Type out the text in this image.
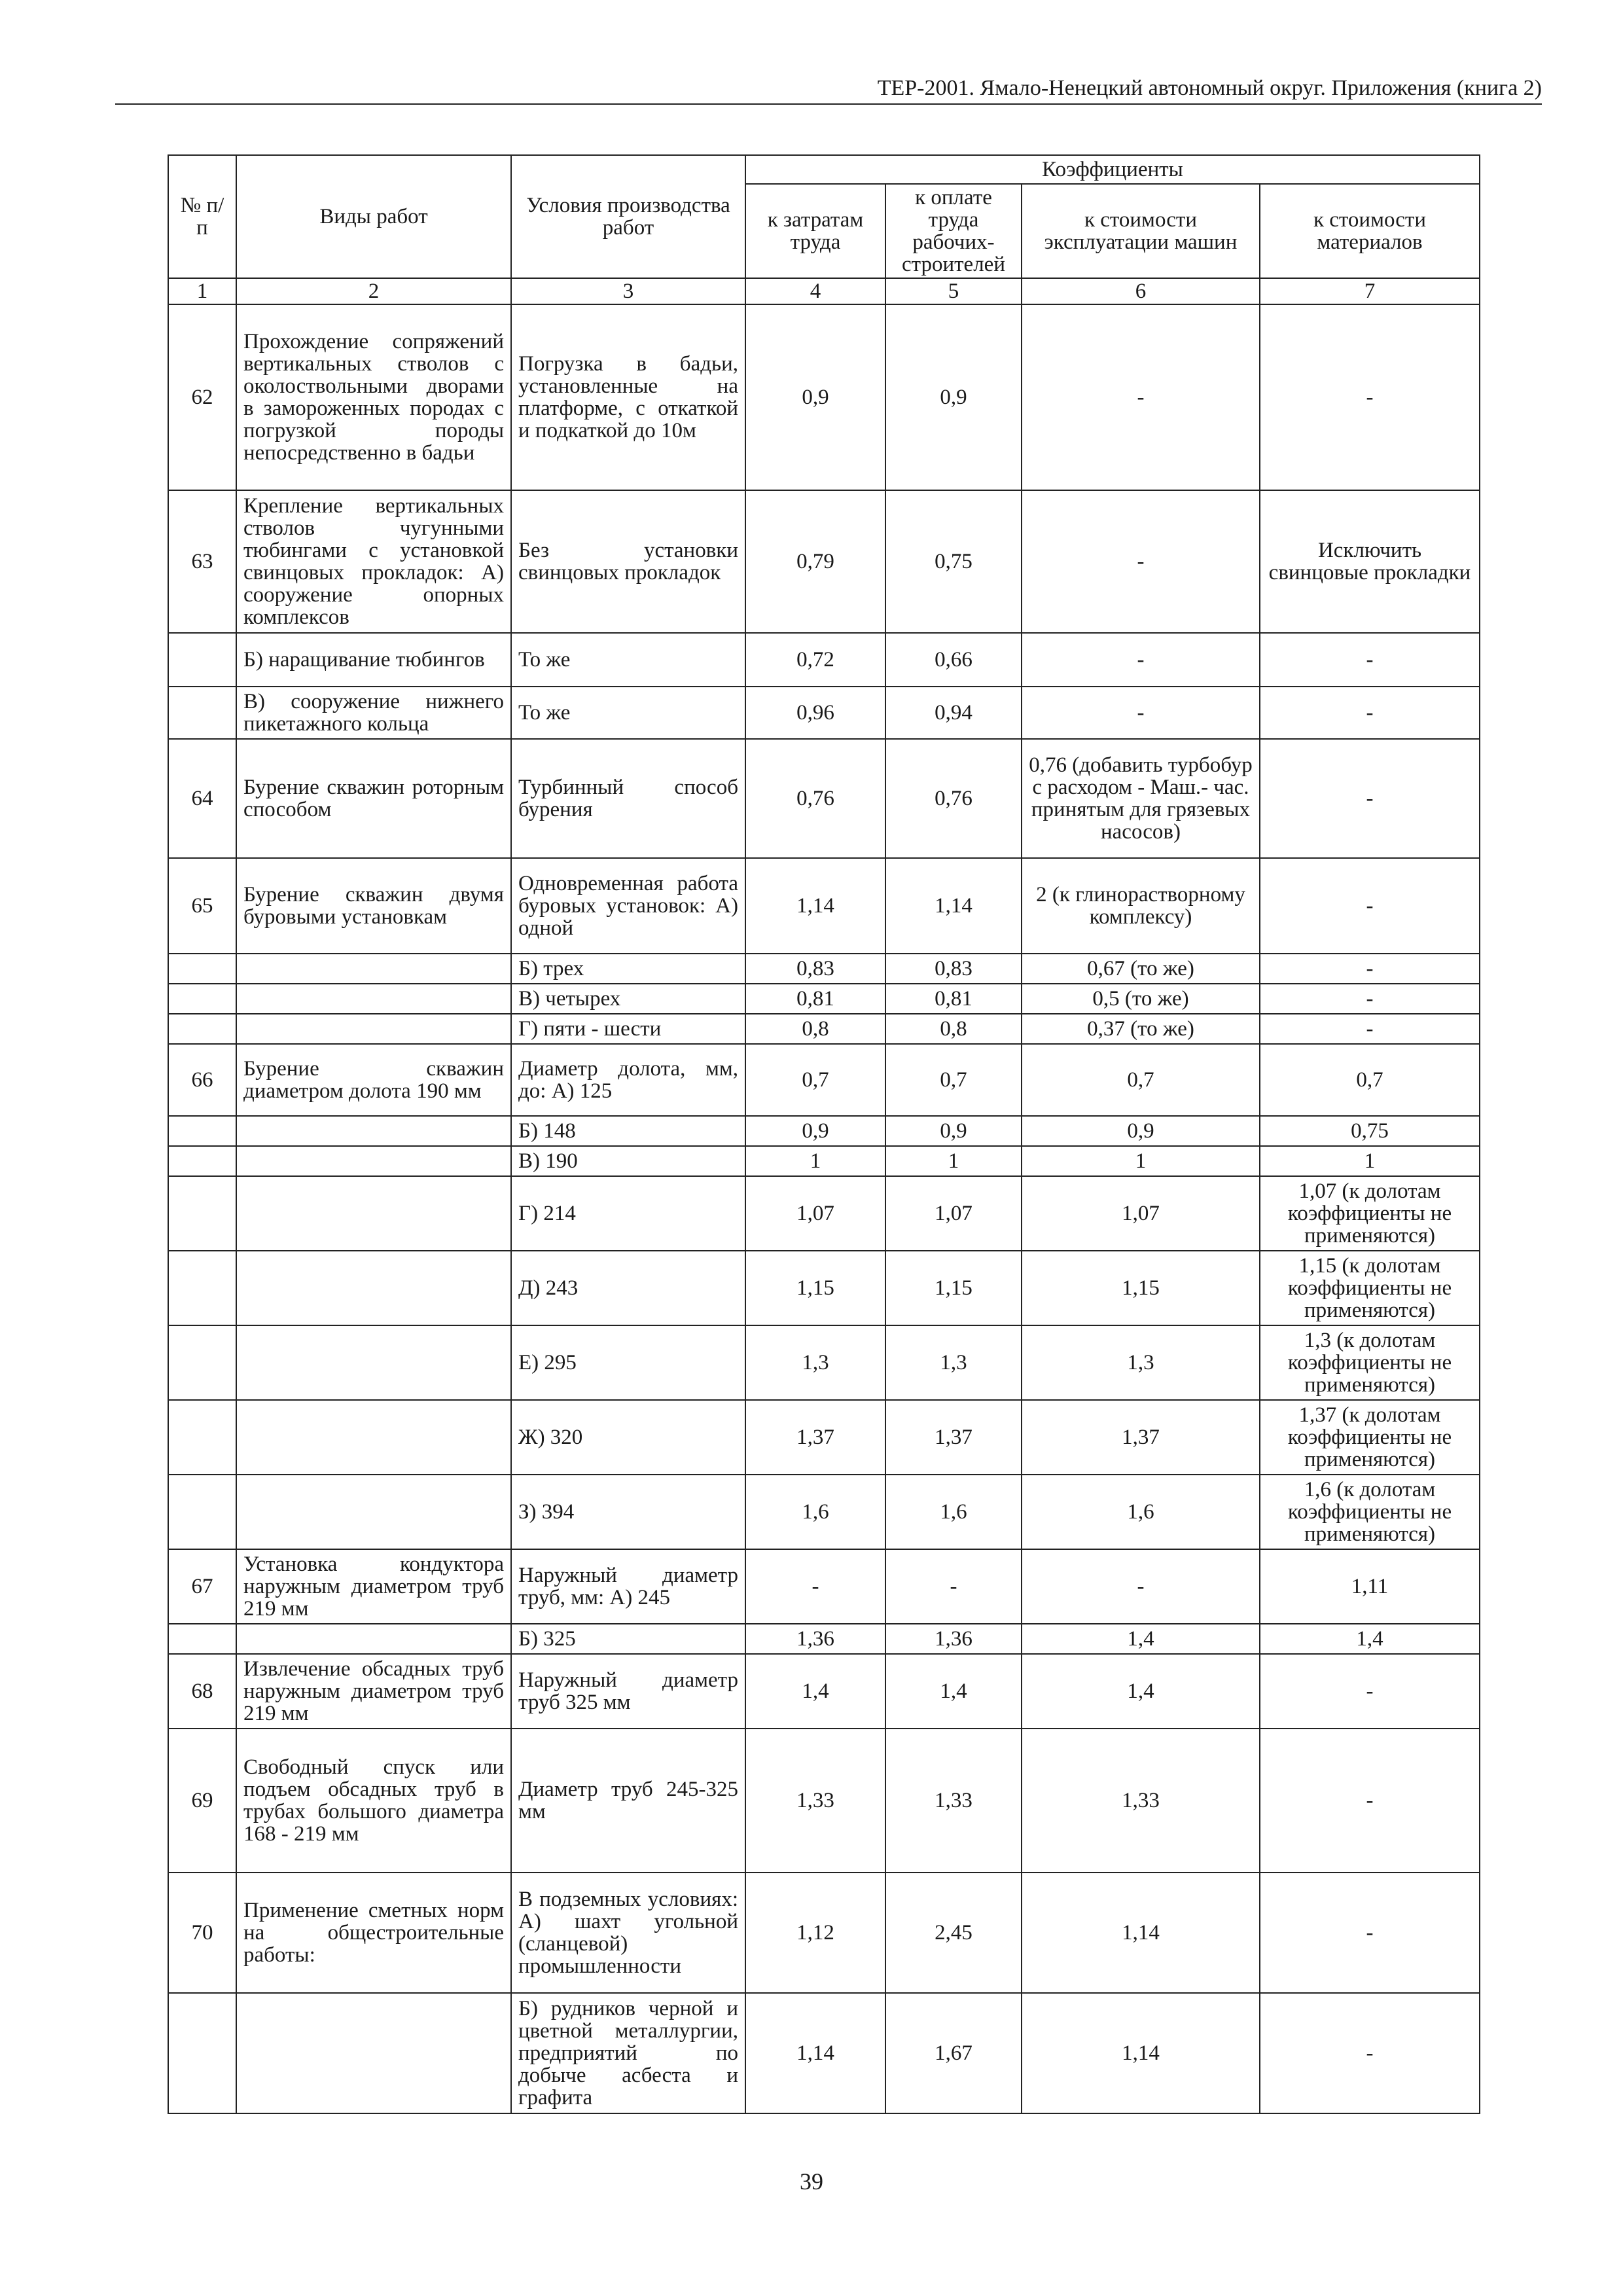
ТЕР-2001. Ямало-Ненецкий автономный округ. Приложения (книга 2)
№ п/п	Виды работ	Условия производства работ	Коэффициенты			
			к затратам труда	к оплате труда рабочих-строителей	к стоимости эксплуатации машин	к стоимости материалов
1	2	3	4	5	6	7
62	Прохождение сопряжений вертикальных стволов с околоствольными дворами в замороженных породах с погрузкой породы непосредственно в бадьи	Погрузка в бадьи, установленные на платформе, с откаткой и подкаткой до 10м	0,9	0,9	-	-
63	Крепление вертикальных стволов чугунными тюбингами с установкой свинцовых прокладок: А) сооружение опорных комплексов	Без установки свинцовых прокладок	0,79	0,75	-	Исключить свинцовые прокладки
	Б) наращивание тюбингов	То же	0,72	0,66	-	-
	В) сооружение нижнего пикетажного кольца	То же	0,96	0,94	-	-
64	Бурение скважин роторным способом	Турбинный способ бурения	0,76	0,76	0,76 (добавить турбобур с расходом - Маш.- час. принятым для грязевых насосов)	-
65	Бурение скважин двумя буровыми установкам	Одновременная работа буровых установок: А) одной	1,14	1,14	2 (к глинорастворному комплексу)	-
		Б) трех	0,83	0,83	0,67 (то же)	-
		В) четырех	0,81	0,81	0,5 (то же)	-
		Г) пяти - шести	0,8	0,8	0,37 (то же)	-
66	Бурение скважин диаметром долота 190 мм	Диаметр долота, мм, до: А) 125	0,7	0,7	0,7	0,7
		Б) 148	0,9	0,9	0,9	0,75
		В) 190	1	1	1	1
		Г) 214	1,07	1,07	1,07	1,07 (к долотам коэффициенты не применяются)
		Д) 243	1,15	1,15	1,15	1,15 (к долотам коэффициенты не применяются)
		Е) 295	1,3	1,3	1,3	1,3 (к долотам коэффициенты не применяются)
		Ж) 320	1,37	1,37	1,37	1,37 (к долотам коэффициенты не применяются)
		З) 394	1,6	1,6	1,6	1,6 (к долотам коэффициенты не применяются)
67	Установка кондуктора наружным диаметром труб 219 мм	Наружный диаметр труб, мм: А) 245	-	-	-	1,11
		Б) 325	1,36	1,36	1,4	1,4
68	Извлечение обсадных труб наружным диаметром труб 219 мм	Наружный диаметр труб 325 мм	1,4	1,4	1,4	-
69	Свободный спуск или подъем обсадных труб в трубах большого диаметра 168 - 219 мм	Диаметр труб 245-325 мм	1,33	1,33	1,33	-
70	Применение сметных норм на общестроительные работы:	В подземных условиях: А) шахт угольной (сланцевой) промышленности	1,12	2,45	1,14	-
		Б) рудников черной и цветной металлургии, предприятий по добыче асбеста и графита	1,14	1,67	1,14	-
39
